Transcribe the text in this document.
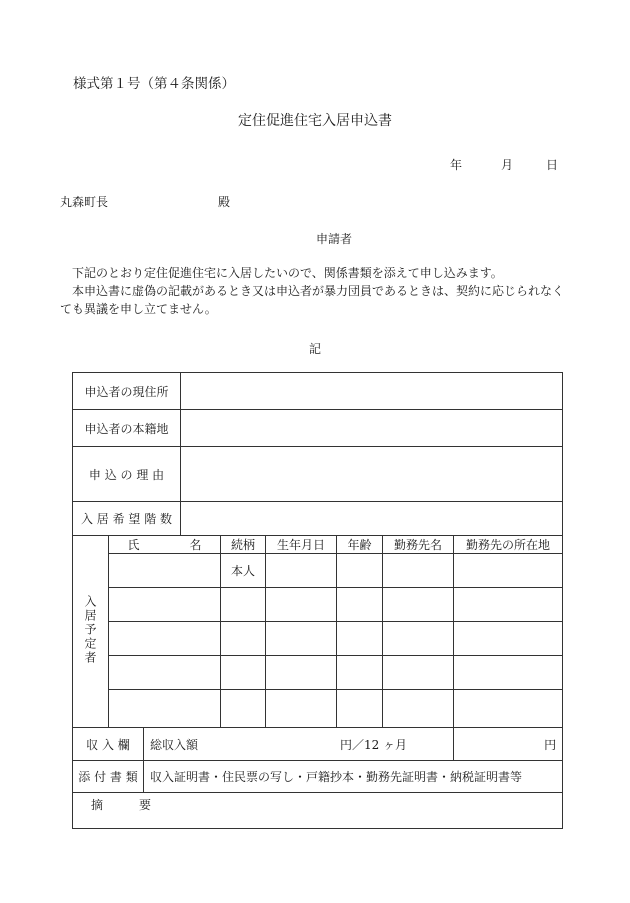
様式第１号（第４条関係）
定住促進住宅入居申込書
年	月	日
丸森町長	殿
申請者

下記のとおり定住促進住宅に入居したいので、関係書類を添えて申し込みます。

本申込書に虚偽の記載があるとき又は申込者が暴力団員であるときは、契約に応じられなくても異議を申し立てません。

記
申込者の現住所								
申込者の本籍地								
申 込 の 理 由								
入 居 希 望 階 数								
入居予定者	氏 名			続柄	生年月日	年齢	勤務先名	勤務先の所在地
				本人				

収 入 欄		総収入額 円／12 ヶ月						円
添 付 書 類		収入証明書・住民票の写し・戸籍抄本・勤務先証明書・納税証明書等						
摘 要								
